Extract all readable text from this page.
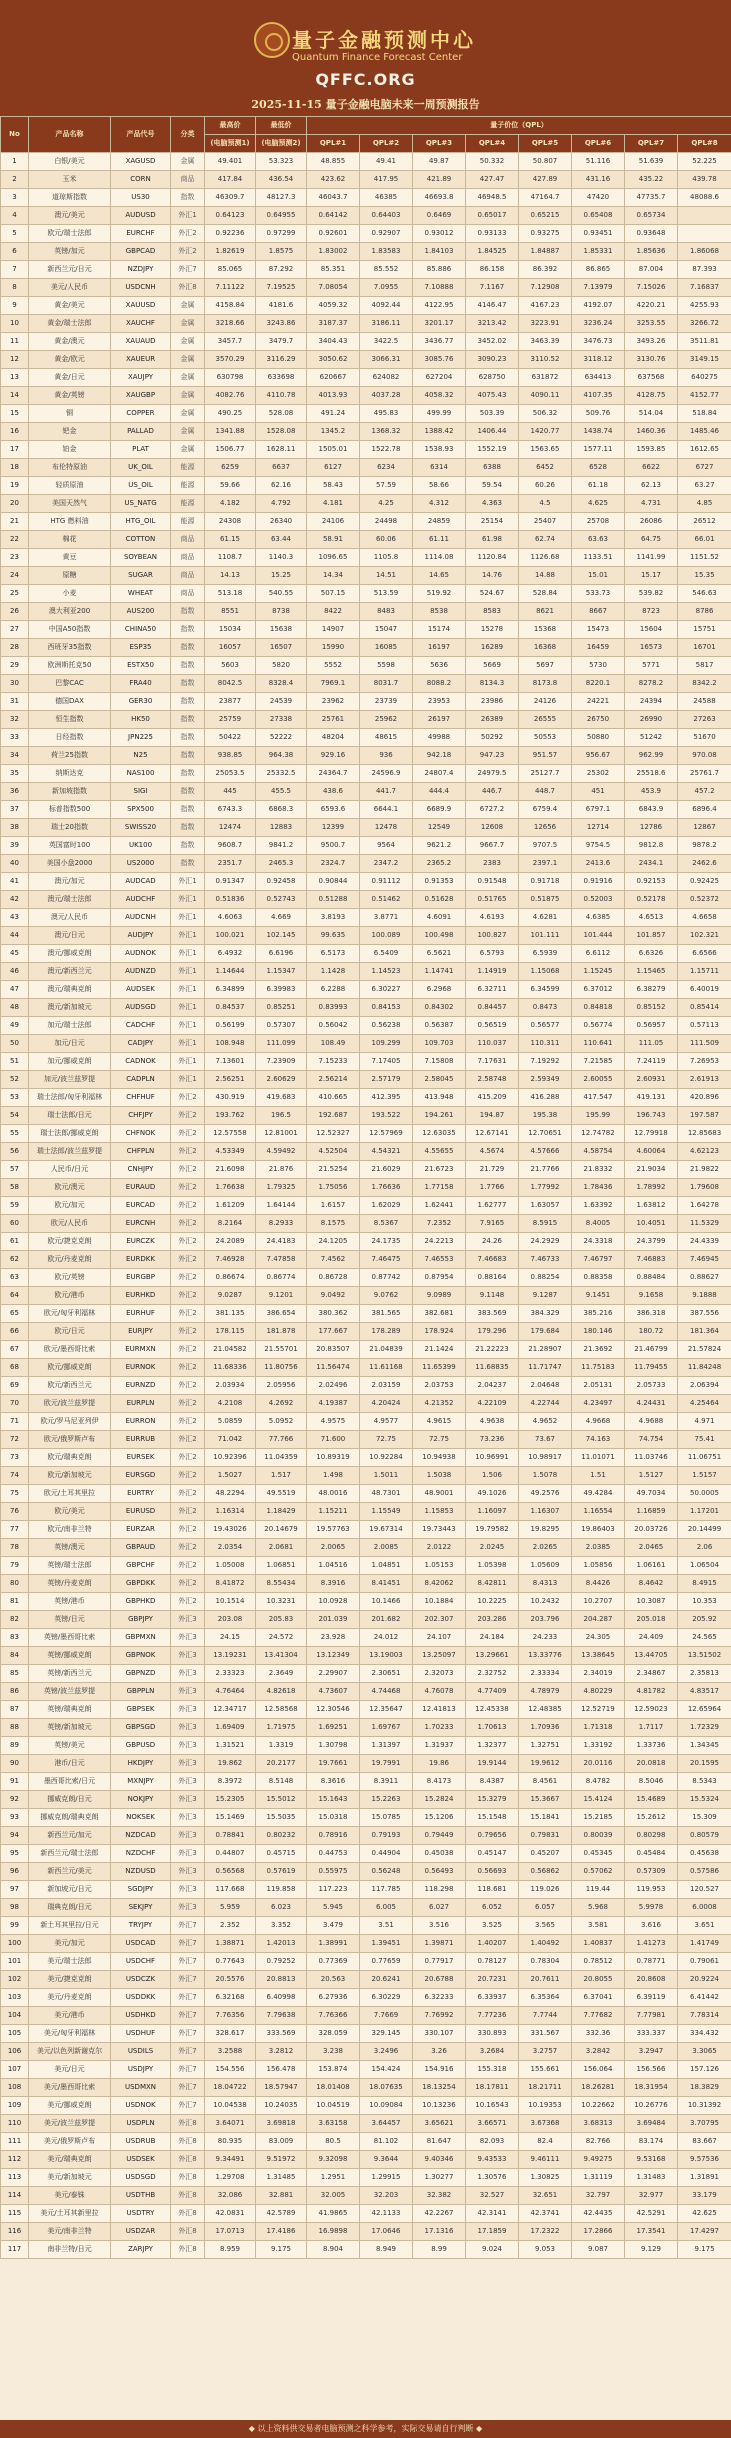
量子金融预测中心
Quantum Finance Forecast Center
QFFC.ORG
2025-11-15 量子金融电脑未来一周预测报告
No	产品名称	产品代号	分类	最高价	最低价	量子价位（QPL）							
				(电脑预测1)	(电脑预测2)	QPL#1	QPL#2	QPL#3	QPL#4	QPL#5	QPL#6	QPL#7	QPL#8
1	白银/美元	XAGUSD	金属	49.401	53.323	48.855	49.41	49.87	50.332	50.807	51.116	51.639	52.225
2	玉米	CORN	商品	417.84	436.54	423.62	417.95	421.89	427.47	427.89	431.16	435.22	439.78
3	道琼斯指数	US30	指数	46309.7	48127.3	46043.7	46385	46693.8	46948.5	47164.7	47420	47735.7	48088.6
4	澳元/美元	AUDUSD	外汇1	0.64123	0.64955	0.64142	0.64403	0.6469	0.65017	0.65215	0.65408	0.65734	
5	欧元/瑞士法郎	EURCHF	外汇2	0.92236	0.97299	0.92601	0.92907	0.93012	0.93133	0.93275	0.93451	0.93648	
6	英镑/加元	GBPCAD	外汇2	1.82619	1.8575	1.83002	1.83583	1.84103	1.84525	1.84887	1.85331	1.85636	1.86068
7	新西兰元/日元	NZDJPY	外汇7	85.065	87.292	85.351	85.552	85.886	86.158	86.392	86.865	87.004	87.393
8	美元/人民币	USDCNH	外汇8	7.11122	7.19525	7.08054	7.0955	7.10888	7.1167	7.12908	7.13979	7.15026	7.16837
9	黄金/美元	XAUUSD	金属	4158.84	4181.6	4059.32	4092.44	4122.95	4146.47	4167.23	4192.07	4220.21	4255.93
10	黄金/瑞士法郎	XAUCHF	金属	3218.66	3243.86	3187.37	3186.11	3201.17	3213.42	3223.91	3236.24	3253.55	3266.72
11	黄金/澳元	XAUAUD	金属	3457.7	3479.7	3404.43	3422.5	3436.77	3452.02	3463.39	3476.73	3493.26	3511.81
12	黄金/欧元	XAUEUR	金属	3570.29	3116.29	3050.62	3066.31	3085.76	3090.23	3110.52	3118.12	3130.76	3149.15
13	黄金/日元	XAUJPY	金属	630798	633698	620667	624082	627204	628750	631872	634413	637568	640275
14	黄金/英镑	XAUGBP	金属	4082.76	4110.78	4013.93	4037.28	4058.32	4075.43	4090.11	4107.35	4128.75	4152.77
15	铜	COPPER	金属	490.25	528.08	491.24	495.83	499.99	503.39	506.32	509.76	514.04	518.84
16	钯金	PALLAD	金属	1341.88	1528.08	1345.2	1368.32	1388.42	1406.44	1420.77	1438.74	1460.36	1485.46
17	铂金	PLAT	金属	1506.77	1628.11	1505.01	1522.78	1538.93	1552.19	1563.65	1577.11	1593.85	1612.65
18	布伦特原油	UK_OIL	能源	6259	6637	6127	6234	6314	6388	6452	6528	6622	6727
19	轻质原油	US_OIL	能源	59.66	62.16	58.43	57.59	58.66	59.54	60.26	61.18	62.13	63.27
20	美国天然气	US_NATG	能源	4.182	4.792	4.181	4.25	4.312	4.363	4.5	4.625	4.731	4.85
21	HTG 燃料油	HTG_OIL	能源	24308	26340	24106	24498	24859	25154	25407	25708	26086	26512
22	棉花	COTTON	商品	61.15	63.44	58.91	60.06	61.11	61.98	62.74	63.63	64.75	66.01
23	黄豆	SOYBEAN	商品	1108.7	1140.3	1096.65	1105.8	1114.08	1120.84	1126.68	1133.51	1141.99	1151.52
24	原糖	SUGAR	商品	14.13	15.25	14.34	14.51	14.65	14.76	14.88	15.01	15.17	15.35
25	小麦	WHEAT	商品	513.18	540.55	507.15	513.59	519.92	524.67	528.84	533.73	539.82	546.63
26	澳大利亚200	AUS200	指数	8551	8738	8422	8483	8538	8583	8621	8667	8723	8786
27	中国A50指数	CHINA50	指数	15034	15638	14907	15047	15174	15278	15368	15473	15604	15751
28	西班牙35指数	ESP35	指数	16057	16507	15990	16085	16197	16289	16368	16459	16573	16701
29	欧洲斯托克50	ESTX50	指数	5603	5820	5552	5598	5636	5669	5697	5730	5771	5817
30	巴黎CAC	FRA40	指数	8042.5	8328.4	7969.1	8031.7	8088.2	8134.3	8173.8	8220.1	8278.2	8342.2
31	德国DAX	GER30	指数	23877	24539	23962	23739	23953	23986	24126	24221	24394	24588
32	恒生指数	HK50	指数	25759	27338	25761	25962	26197	26389	26555	26750	26990	27263
33	日经指数	JPN225	指数	50422	52222	48204	48615	49988	50292	50553	50880	51242	51670
34	荷兰25指数	N25	指数	938.85	964.38	929.16	936	942.18	947.23	951.57	956.67	962.99	970.08
35	纳斯达克	NAS100	指数	25053.5	25332.5	24364.7	24596.9	24807.4	24979.5	25127.7	25302	25518.6	25761.7
36	新加坡指数	SIGI	指数	445	455.5	438.6	441.7	444.4	446.7	448.7	451	453.9	457.2
37	标普指数500	SPX500	指数	6743.3	6868.3	6593.6	6644.1	6689.9	6727.2	6759.4	6797.1	6843.9	6896.4
38	瑞士20指数	SWISS20	指数	12474	12883	12399	12478	12549	12608	12656	12714	12786	12867
39	英国富时100	UK100	指数	9608.7	9841.2	9500.7	9564	9621.2	9667.7	9707.5	9754.5	9812.8	9878.2
40	美国小盘2000	US2000	指数	2351.7	2465.3	2324.7	2347.2	2365.2	2383	2397.1	2413.6	2434.1	2462.6
41	澳元/加元	AUDCAD	外汇1	0.91347	0.92458	0.90844	0.91112	0.91353	0.91548	0.91718	0.91916	0.92153	0.92425
42	澳元/瑞士法郎	AUDCHF	外汇1	0.51836	0.52743	0.51288	0.51462	0.51628	0.51765	0.51875	0.52003	0.52178	0.52372
43	澳元/人民币	AUDCNH	外汇1	4.6063	4.669	3.8193	3.8771	4.6091	4.6193	4.6281	4.6385	4.6513	4.6658
44	澳元/日元	AUDJPY	外汇1	100.021	102.145	99.635	100.089	100.498	100.827	101.111	101.444	101.857	102.321
45	澳元/挪威克朗	AUDNOK	外汇1	6.4932	6.6196	6.5173	6.5409	6.5621	6.5793	6.5939	6.6112	6.6326	6.6566
46	澳元/新西兰元	AUDNZD	外汇1	1.14644	1.15347	1.1428	1.14523	1.14741	1.14919	1.15068	1.15245	1.15465	1.15711
47	澳元/瑞典克朗	AUDSEK	外汇1	6.34899	6.39983	6.2288	6.30227	6.2968	6.32711	6.34599	6.37012	6.38279	6.40019
48	澳元/新加坡元	AUDSGD	外汇1	0.84537	0.85251	0.83993	0.84153	0.84302	0.84457	0.8473	0.84818	0.85152	0.85414
49	加元/瑞士法郎	CADCHF	外汇1	0.56199	0.57307	0.56042	0.56238	0.56387	0.56519	0.56577	0.56774	0.56957	0.57113
50	加元/日元	CADJPY	外汇1	108.948	111.099	108.49	109.299	109.703	110.037	110.311	110.641	111.05	111.509
51	加元/挪威克朗	CADNOK	外汇1	7.13601	7.23909	7.15233	7.17405	7.15808	7.17631	7.19292	7.21585	7.24119	7.26953
52	加元/波兰兹罗提	CADPLN	外汇1	2.56251	2.60629	2.56214	2.57179	2.58045	2.58748	2.59349	2.60055	2.60931	2.61913
53	瑞士法郎/匈牙利福林	CHFHUF	外汇2	430.919	419.683	410.665	412.395	413.948	415.209	416.288	417.547	419.131	420.896
54	瑞士法郎/日元	CHFJPY	外汇2	193.762	196.5	192.687	193.522	194.261	194.87	195.38	195.99	196.743	197.587
55	瑞士法郎/挪威克朗	CHFNOK	外汇2	12.57558	12.81001	12.52327	12.57969	12.63035	12.67141	12.70651	12.74782	12.79918	12.85683
56	瑞士法郎/波兰兹罗提	CHFPLN	外汇2	4.53349	4.59492	4.52504	4.54321	4.55655	4.5674	4.57666	4.58754	4.60064	4.62123
57	人民币/日元	CNHJPY	外汇2	21.6098	21.876	21.5254	21.6029	21.6723	21.729	21.7766	21.8332	21.9034	21.9822
58	欧元/澳元	EURAUD	外汇2	1.76638	1.79325	1.75056	1.76636	1.77158	1.7766	1.77992	1.78436	1.78992	1.79608
59	欧元/加元	EURCAD	外汇2	1.61209	1.64144	1.6157	1.62029	1.62441	1.62777	1.63057	1.63392	1.63812	1.64278
60	欧元/人民币	EURCNH	外汇2	8.2164	8.2933	8.1575	8.5367	7.2352	7.9165	8.5915	8.4005	10.4051	11.5329
61	欧元/捷克克朗	EURCZK	外汇2	24.2089	24.4183	24.1205	24.1735	24.2213	24.26	24.2929	24.3318	24.3799	24.4339
62	欧元/丹麦克朗	EURDKK	外汇2	7.46928	7.47858	7.4562	7.46475	7.46553	7.46683	7.46733	7.46797	7.46883	7.46945
63	欧元/英镑	EURGBP	外汇2	0.86674	0.86774	0.86728	0.87742	0.87954	0.88164	0.88254	0.88358	0.88484	0.88627
64	欧元/港币	EURHKD	外汇2	9.0287	9.1201	9.0492	9.0762	9.0989	9.1148	9.1287	9.1451	9.1658	9.1888
65	欧元/匈牙利福林	EURHUF	外汇2	381.135	386.654	380.362	381.565	382.681	383.569	384.329	385.216	386.318	387.556
66	欧元/日元	EURJPY	外汇2	178.115	181.878	177.667	178.289	178.924	179.296	179.684	180.146	180.72	181.364
67	欧元/墨西哥比索	EURMXN	外汇2	21.04582	21.55701	20.83507	21.04839	21.1424	21.22223	21.28907	21.3692	21.46799	21.57824
68	欧元/挪威克朗	EURNOK	外汇2	11.68336	11.80756	11.56474	11.61168	11.65399	11.68835	11.71747	11.75183	11.79455	11.84248
69	欧元/新西兰元	EURNZD	外汇2	2.03934	2.05956	2.02496	2.03159	2.03753	2.04237	2.04648	2.05131	2.05733	2.06394
70	欧元/波兰兹罗提	EURPLN	外汇2	4.2108	4.2692	4.19387	4.20424	4.21352	4.22109	4.22744	4.23497	4.24431	4.25464
71	欧元/罗马尼亚列伊	EURRON	外汇2	5.0859	5.0952	4.9575	4.9577	4.9615	4.9638	4.9652	4.9668	4.9688	4.971
72	欧元/俄罗斯卢布	EURRUB	外汇2	71.042	77.766	71.600	72.75	72.75	73.236	73.67	74.163	74.754	75.41
73	欧元/瑞典克朗	EURSEK	外汇2	10.92396	11.04359	10.89319	10.92284	10.94938	10.96991	10.98917	11.01071	11.03746	11.06751
74	欧元/新加坡元	EURSGD	外汇2	1.5027	1.517	1.498	1.5011	1.5038	1.506	1.5078	1.51	1.5127	1.5157
75	欧元/土耳其里拉	EURTRY	外汇2	48.2294	49.5519	48.0016	48.7301	48.9001	49.1026	49.2576	49.4284	49.7034	50.0005
76	欧元/美元	EURUSD	外汇2	1.16314	1.18429	1.15211	1.15549	1.15853	1.16097	1.16307	1.16554	1.16859	1.17201
77	欧元/南非兰特	EURZAR	外汇2	19.43026	20.14679	19.57763	19.67314	19.73443	19.79582	19.8295	19.86403	20.03726	20.14499
78	英镑/澳元	GBPAUD	外汇2	2.0354	2.0681	2.0065	2.0085	2.0122	2.0245	2.0265	2.0385	2.0465	2.06
79	英镑/瑞士法郎	GBPCHF	外汇2	1.05008	1.06851	1.04516	1.04851	1.05153	1.05398	1.05609	1.05856	1.06161	1.06504
80	英镑/丹麦克朗	GBPDKK	外汇2	8.41872	8.55434	8.3916	8.41451	8.42062	8.42811	8.4313	8.4426	8.4642	8.4915
81	英镑/港币	GBPHKD	外汇2	10.1514	10.3231	10.0928	10.1466	10.1884	10.2225	10.2432	10.2707	10.3087	10.353
82	英镑/日元	GBPJPY	外汇3	203.08	205.83	201.039	201.682	202.307	203.286	203.796	204.287	205.018	205.92
83	英镑/墨西哥比索	GBPMXN	外汇3	24.15	24.572	23.928	24.012	24.107	24.184	24.233	24.305	24.409	24.565
84	英镑/挪威克朗	GBPNOK	外汇3	13.19231	13.41304	13.12349	13.19003	13.25097	13.29661	13.33776	13.38645	13.44705	13.51502
85	英镑/新西兰元	GBPNZD	外汇3	2.33323	2.3649	2.29907	2.30651	2.32073	2.32752	2.33334	2.34019	2.34867	2.35813
86	英镑/波兰兹罗提	GBPPLN	外汇3	4.76464	4.82618	4.73607	4.74468	4.76078	4.77409	4.78979	4.80229	4.81782	4.83517
87	英镑/瑞典克朗	GBPSEK	外汇3	12.34717	12.58568	12.30546	12.35647	12.41813	12.45338	12.48385	12.52719	12.59023	12.65964
88	英镑/新加坡元	GBPSGD	外汇3	1.69409	1.71975	1.69251	1.69767	1.70233	1.70613	1.70936	1.71318	1.7117	1.72329
89	英镑/美元	GBPUSD	外汇3	1.31521	1.3319	1.30798	1.31397	1.31937	1.32377	1.32751	1.33192	1.33736	1.34345
90	港币/日元	HKDJPY	外汇3	19.862	20.2177	19.7661	19.7991	19.86	19.9144	19.9612	20.0116	20.0818	20.1595
91	墨西哥比索/日元	MXNJPY	外汇3	8.3972	8.5148	8.3616	8.3911	8.4173	8.4387	8.4561	8.4782	8.5046	8.5343
92	挪威克朗/日元	NOKJPY	外汇3	15.2305	15.5012	15.1643	15.2263	15.2824	15.3279	15.3667	15.4124	15.4689	15.5324
93	挪威克朗/瑞典克朗	NOKSEK	外汇3	15.1469	15.5035	15.0318	15.0785	15.1206	15.1548	15.1841	15.2185	15.2612	15.309
94	新西兰元/加元	NZDCAD	外汇3	0.78841	0.80232	0.78916	0.79193	0.79449	0.79656	0.79831	0.80039	0.80298	0.80579
95	新西兰元/瑞士法郎	NZDCHF	外汇3	0.44807	0.45715	0.44753	0.44904	0.45038	0.45147	0.45207	0.45345	0.45484	0.45638
96	新西兰元/美元	NZDUSD	外汇3	0.56568	0.57619	0.55975	0.56248	0.56493	0.56693	0.56862	0.57062	0.57309	0.57586
97	新加坡元/日元	SGDJPY	外汇3	117.668	119.858	117.223	117.785	118.298	118.681	119.026	119.44	119.953	120.527
98	瑞典克朗/日元	SEKJPY	外汇3	5.959	6.023	5.945	6.005	6.027	6.052	6.057	5.968	5.9978	6.0008
99	新土耳其里拉/日元	TRYJPY	外汇7	2.352	3.352	3.479	3.51	3.516	3.525	3.565	3.581	3.616	3.651
100	美元/加元	USDCAD	外汇7	1.38871	1.42013	1.38991	1.39451	1.39871	1.40207	1.40492	1.40837	1.41273	1.41749
101	美元/瑞士法郎	USDCHF	外汇7	0.77643	0.79252	0.77369	0.77659	0.77917	0.78127	0.78304	0.78512	0.78771	0.79061
102	美元/捷克克朗	USDCZK	外汇7	20.5576	20.8813	20.563	20.6241	20.6788	20.7231	20.7611	20.8055	20.8608	20.9224
103	美元/丹麦克朗	USDDKK	外汇7	6.32168	6.40998	6.27936	6.30229	6.32233	6.33937	6.35364	6.37041	6.39119	6.41442
104	美元/港币	USDHKD	外汇7	7.76356	7.79638	7.76366	7.7669	7.76992	7.77236	7.7744	7.77682	7.77981	7.78314
105	美元/匈牙利福林	USDHUF	外汇7	328.617	333.569	328.059	329.145	330.107	330.893	331.567	332.36	333.337	334.432
106	美元/以色列新谢克尔	USDILS	外汇7	3.2588	3.2812	3.238	3.2496	3.26	3.2684	3.2757	3.2842	3.2947	3.3065
107	美元/日元	USDJPY	外汇7	154.556	156.478	153.874	154.424	154.916	155.318	155.661	156.064	156.566	157.126
108	美元/墨西哥比索	USDMXN	外汇7	18.04722	18.57947	18.01408	18.07635	18.13254	18.17811	18.21711	18.26281	18.31954	18.3829
109	美元/挪威克朗	USDNOK	外汇7	10.04538	10.24035	10.04519	10.09084	10.13236	10.16543	10.19353	10.22662	10.26776	10.31392
110	美元/波兰兹罗提	USDPLN	外汇8	3.64071	3.69818	3.63158	3.64457	3.65621	3.66571	3.67368	3.68313	3.69484	3.70795
111	美元/俄罗斯卢布	USDRUB	外汇8	80.935	83.009	80.5	81.102	81.647	82.093	82.4	82.766	83.174	83.667
112	美元/瑞典克朗	USDSEK	外汇8	9.34491	9.51972	9.32098	9.3644	9.40346	9.43533	9.46111	9.49275	9.53168	9.57536
113	美元/新加坡元	USDSGD	外汇8	1.29708	1.31485	1.2951	1.29915	1.30277	1.30576	1.30825	1.31119	1.31483	1.31891
114	美元/泰铢	USDTHB	外汇8	32.086	32.881	32.005	32.203	32.382	32.527	32.651	32.797	32.977	33.179
115	美元/土耳其新里拉	USDTRY	外汇8	42.0831	42.5789	41.9865	42.1133	42.2267	42.3141	42.3741	42.4435	42.5291	42.625
116	美元/南非兰特	USDZAR	外汇8	17.0713	17.4186	16.9898	17.0646	17.1316	17.1859	17.2322	17.2866	17.3541	17.4297
117	南非兰特/日元	ZARJPY	外汇8	8.959	9.175	8.904	8.949	8.99	9.024	9.053	9.087	9.129	9.175
◆ 以上资料供交易者电脑预测之科学参考，实际交易请自行判断 ◆
